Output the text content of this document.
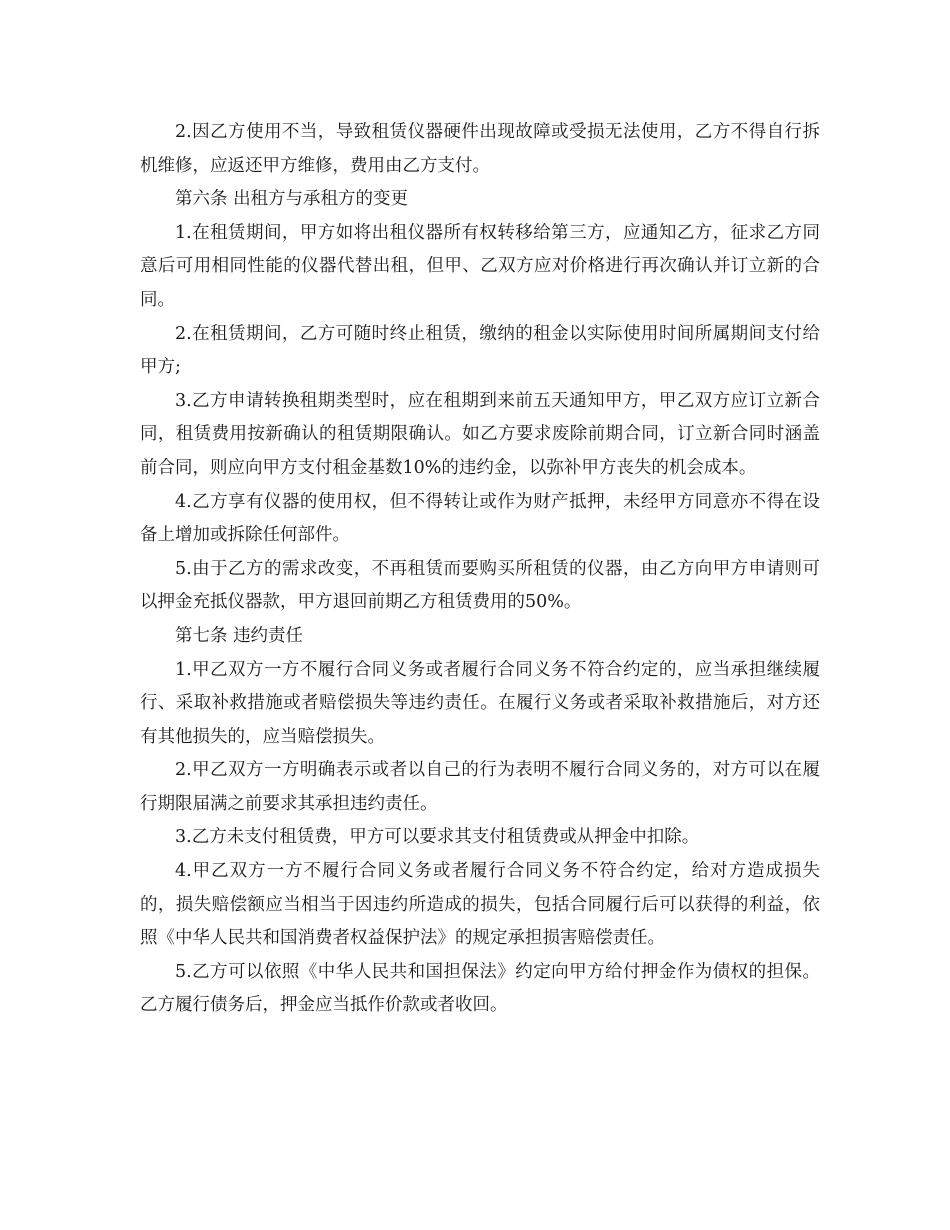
2.因乙方使用不当，导致租赁仪器硬件出现故障或受损无法使用，乙方不得自行拆机维修，应返还甲方维修，费用由乙方支付。

第六条 出租方与承租方的变更

1.在租赁期间，甲方如将出租仪器所有权转移给第三方，应通知乙方，征求乙方同意后可用相同性能的仪器代替出租，但甲、乙双方应对价格进行再次确认并订立新的合同。

2.在租赁期间，乙方可随时终止租赁，缴纳的租金以实际使用时间所属期间支付给甲方;

3.乙方申请转换租期类型时，应在租期到来前五天通知甲方，甲乙双方应订立新合同，租赁费用按新确认的租赁期限确认。如乙方要求废除前期合同，订立新合同时涵盖前合同，则应向甲方支付租金基数10%的违约金，以弥补甲方丧失的机会成本。

4.乙方享有仪器的使用权，但不得转让或作为财产抵押，未经甲方同意亦不得在设备上增加或拆除任何部件。

5.由于乙方的需求改变，不再租赁而要购买所租赁的仪器，由乙方向甲方申请则可以押金充抵仪器款，甲方退回前期乙方租赁费用的50%。

第七条 违约责任

1.甲乙双方一方不履行合同义务或者履行合同义务不符合约定的，应当承担继续履行、采取补救措施或者赔偿损失等违约责任。在履行义务或者采取补救措施后，对方还有其他损失的，应当赔偿损失。

2.甲乙双方一方明确表示或者以自己的行为表明不履行合同义务的，对方可以在履行期限届满之前要求其承担违约责任。

3.乙方未支付租赁费，甲方可以要求其支付租赁费或从押金中扣除。

4.甲乙双方一方不履行合同义务或者履行合同义务不符合约定，给对方造成损失的，损失赔偿额应当相当于因违约所造成的损失，包括合同履行后可以获得的利益，依照《中华人民共和国消费者权益保护法》的规定承担损害赔偿责任。

5.乙方可以依照《中华人民共和国担保法》约定向甲方给付押金作为债权的担保。乙方履行债务后，押金应当抵作价款或者收回。
